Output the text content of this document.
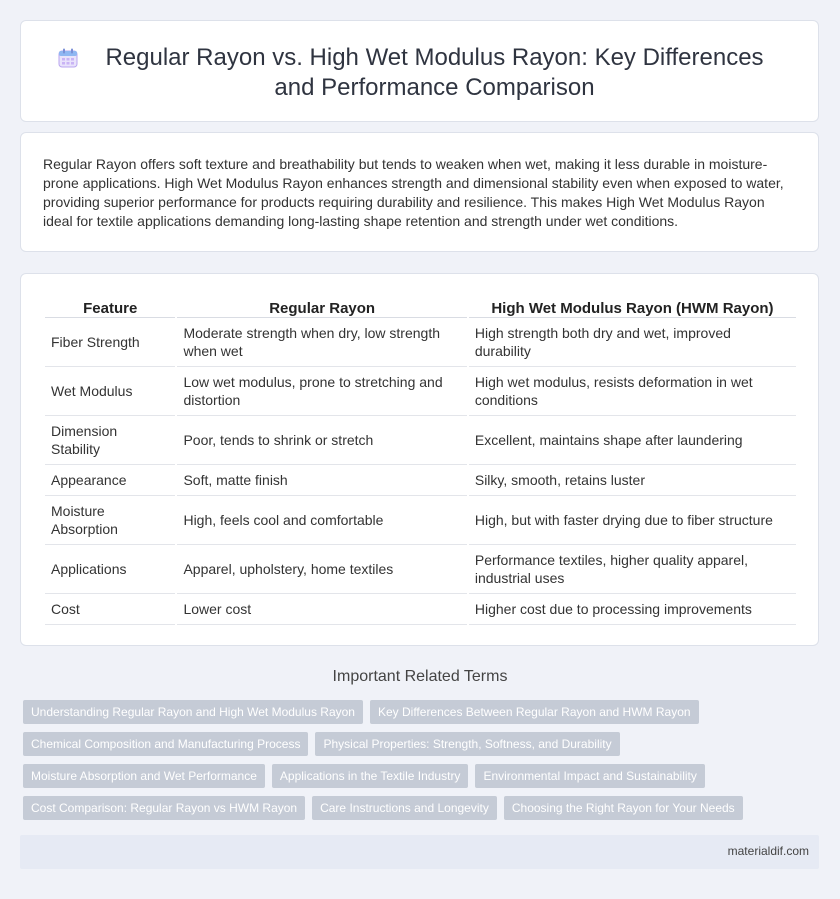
Regular Rayon vs. High Wet Modulus Rayon: Key Differences and Performance Comparison

Regular Rayon offers soft texture and breathability but tends to weaken when wet, making it less durable in moisture-prone applications. High Wet Modulus Rayon enhances strength and dimensional stability even when exposed to water, providing superior performance for products requiring durability and resilience. This makes High Wet Modulus Rayon ideal for textile applications demanding long-lasting shape retention and strength under wet conditions.

Feature	Regular Rayon	High Wet Modulus Rayon (HWM Rayon)
Fiber Strength	Moderate strength when dry, low strength when wet	High strength both dry and wet, improved durability
Wet Modulus	Low wet modulus, prone to stretching and distortion	High wet modulus, resists deformation in wet conditions
Dimension Stability	Poor, tends to shrink or stretch	Excellent, maintains shape after laundering
Appearance	Soft, matte finish	Silky, smooth, retains luster
Moisture Absorption	High, feels cool and comfortable	High, but with faster drying due to fiber structure
Applications	Apparel, upholstery, home textiles	Performance textiles, higher quality apparel, industrial uses
Cost	Lower cost	Higher cost due to processing improvements
Important Related Terms
Understanding Regular Rayon and High Wet Modulus Rayon	Key Differences Between Regular Rayon and HWM Rayon
Chemical Composition and Manufacturing Process	Physical Properties: Strength, Softness, and Durability
Moisture Absorption and Wet Performance	Applications in the Textile Industry	Environmental Impact and Sustainability
Cost Comparison: Regular Rayon vs HWM Rayon	Care Instructions and Longevity	Choosing the Right Rayon for Your Needs
materialdif.com
